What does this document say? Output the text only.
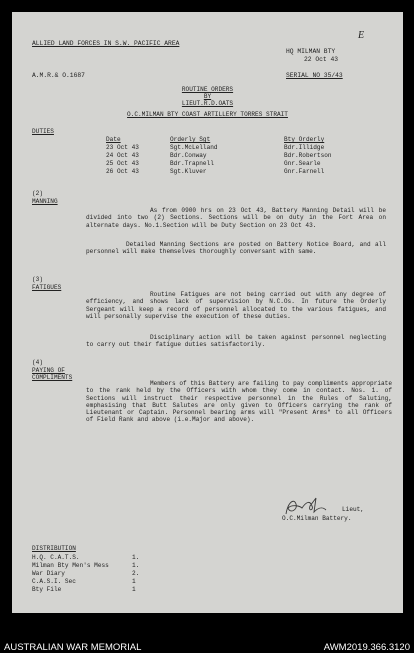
ALLIED LAND FORCES IN S.W. PACIFIC AREA
E
HQ MILMAN BTY
22 Oct 43
A.M.R.& O.1687	SERIAL NO 35/43
ROUTINE ORDERS
BY
LIEUT.R.D.OATS
O.C.MILMAN BTY COAST ARTILLERY TORRES STRAIT
DUTIES
Date	Orderly Sgt	Bty Orderly
23 Oct 43	Sgt.McLelland	Bdr.Illidge
24 Oct 43	Bdr.Conway	Bdr.Robertson
25 Oct 43	Bdr.Trapnell	Gnr.Searle
26 Oct 43	Sgt.Kluver	Gnr.Farnell
(2)
MANNING
As from 0900 hrs on 23 Oct 43, Battery Manning Detail will be divided into two (2) Sections. Sections will be on duty in the Fort Area on alternate days. No.1.Section will be Duty Section on 23 Oct 43.
Detailed Manning Sections are posted on Battery Notice Board, and all personnel will make themselves thoroughly conversant with same.
(3)
FATIGUES
Routine Fatigues are not being carried out with any degree of efficiency, and shows lack of supervision by N.C.Os. In future the Orderly Sergeant will keep a record of personnel allocated to the various fatigues, and will personally supervise the execution of these duties.
Disciplinary action will be taken against personnel neglecting to carry out their fatigue duties satisfactorily.
(4)
PAYING OF
COMPLIMENTS
Members of this Battery are failing to pay compliments appropriate to the rank held by the Officers with whom they come in contact. Nos. 1. of Sections will instruct their respective personnel in the Rules of Saluting, emphasising that Butt Salutes are only given to Officers carrying the rank of Lieutenant or Captain. Personnel bearing arms will "Present Arms" to all Officers of Field Rank and above (i.e.Major and above).
Lieut,
O.C.Milman Battery.
DISTRIBUTION
H.Q. C.A.T.S.	1.
Milman Bty Men's Mess	1.
War Diary	2.
C.A.S.I. Sec	1
Bty File	1
AUSTRALIAN WAR MEMORIAL	AWM2019.366.3120
